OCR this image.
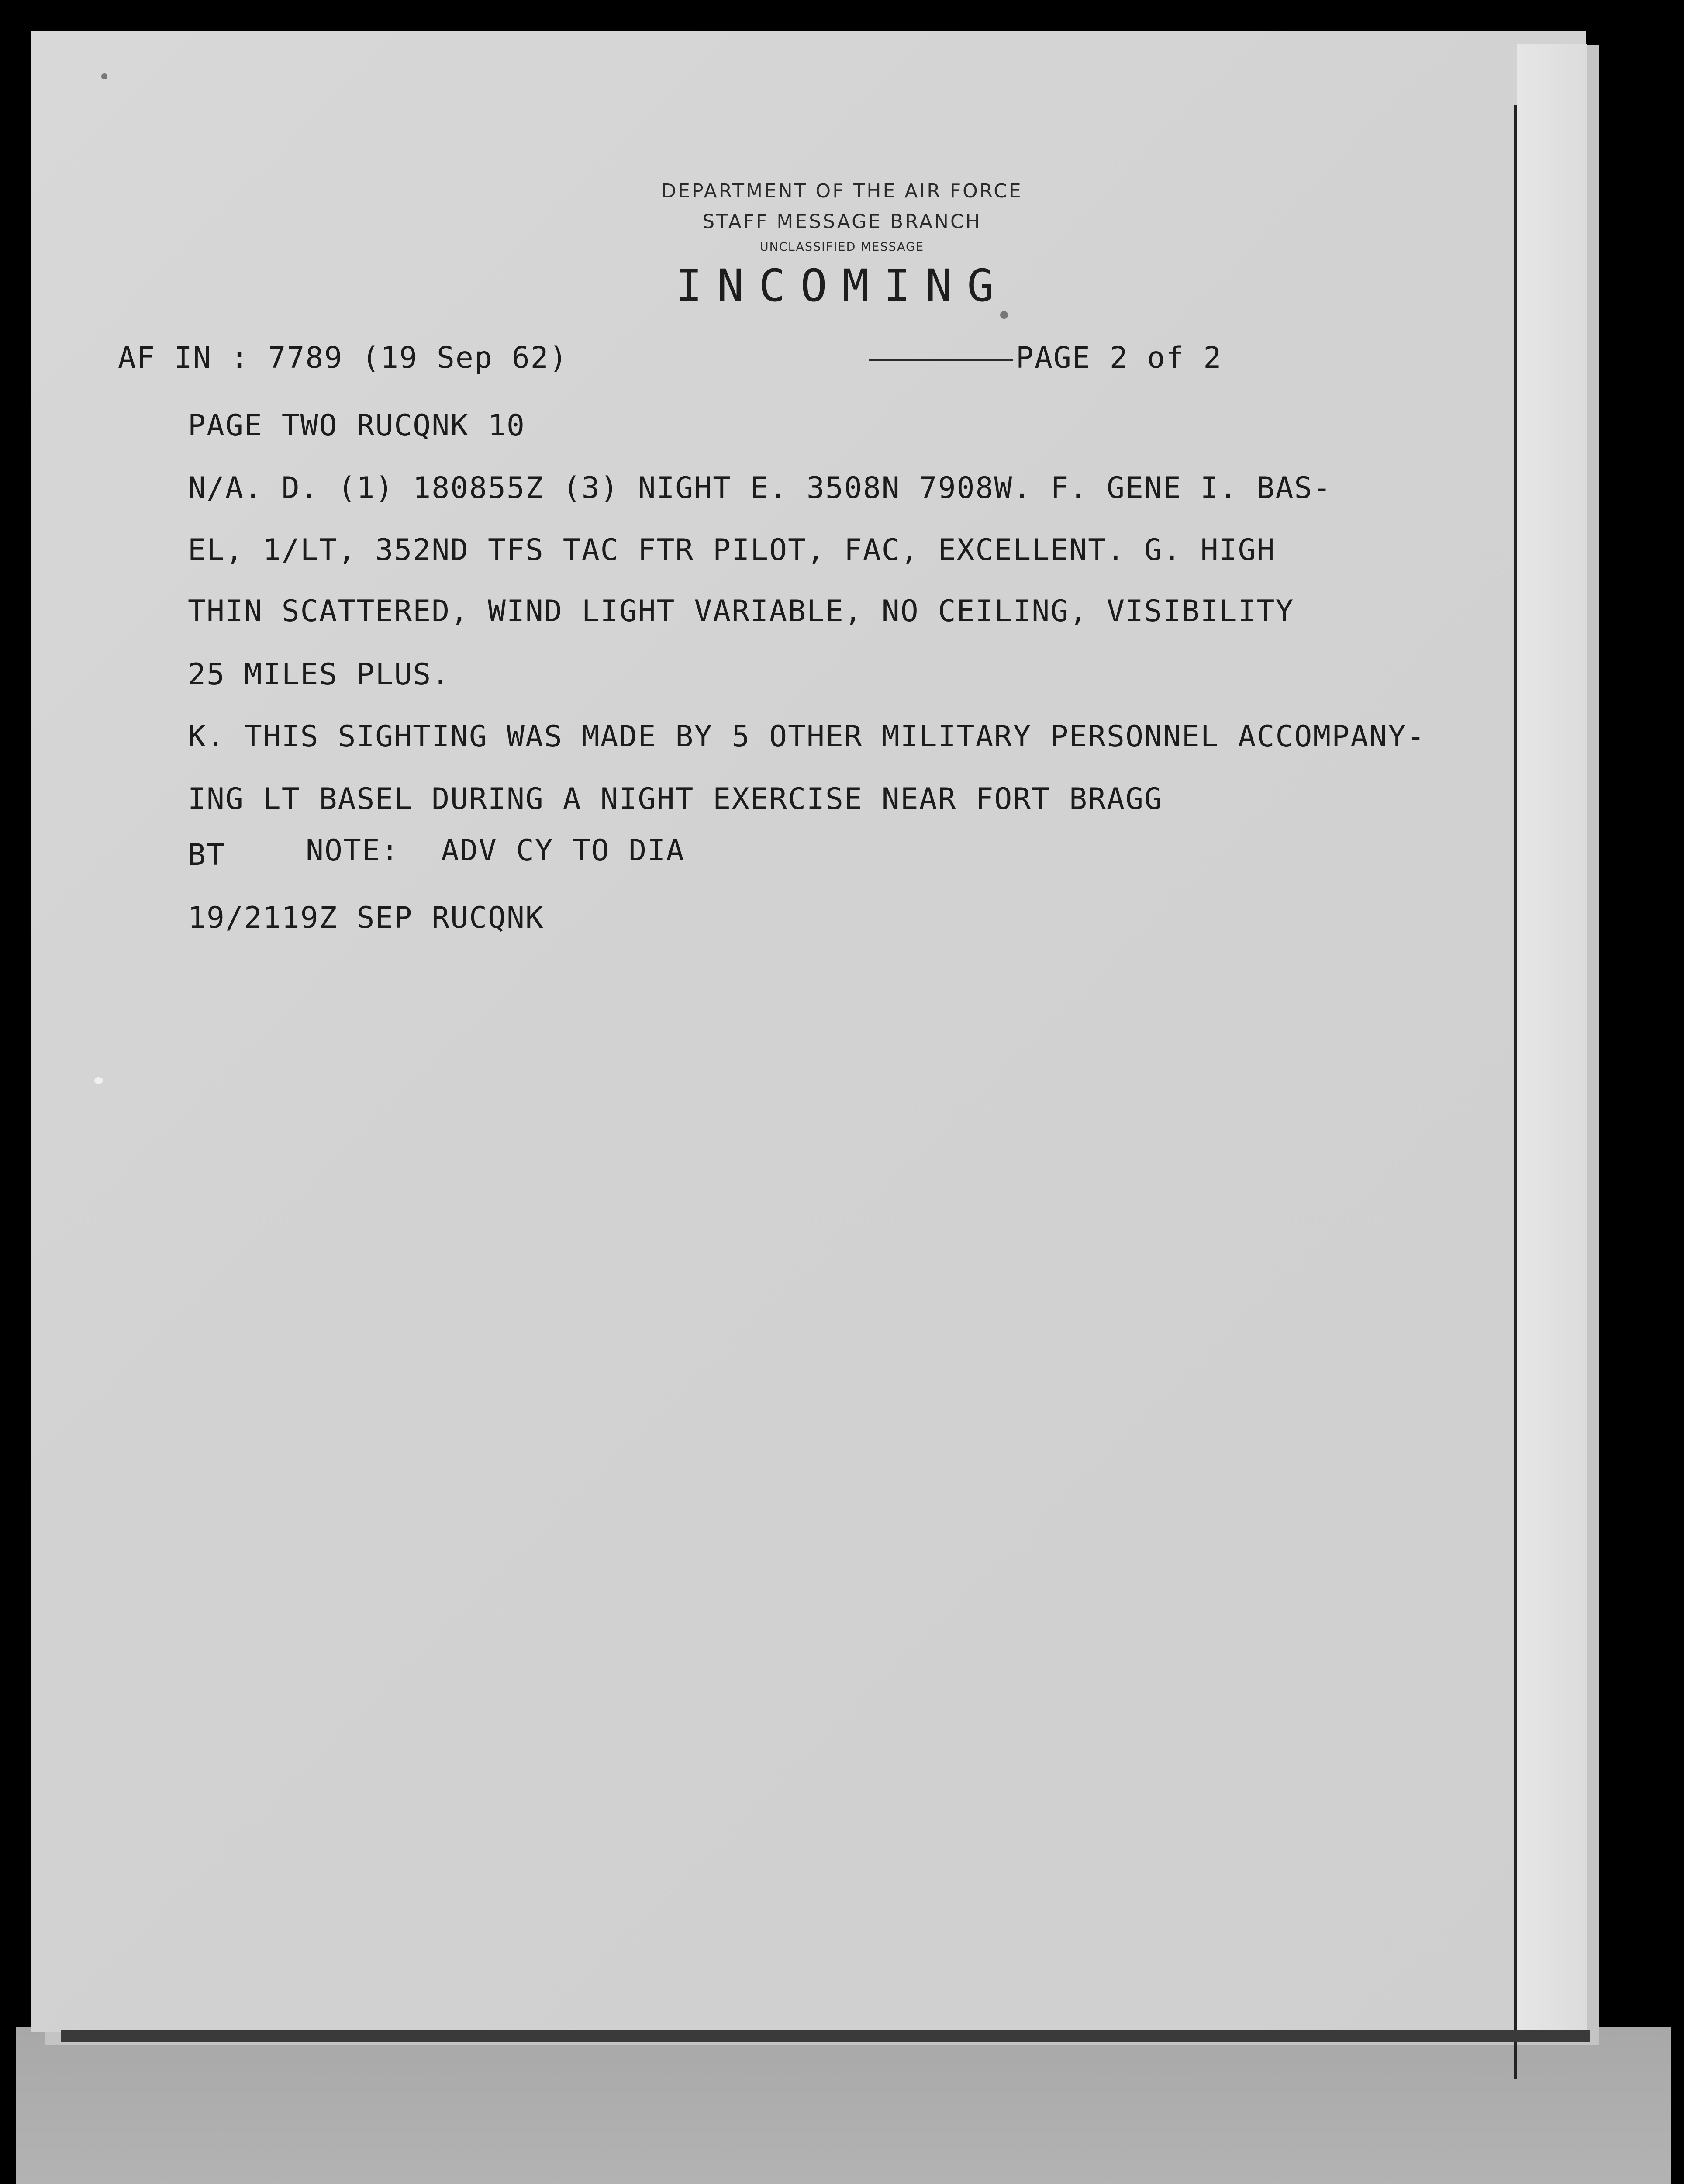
DEPARTMENT OF THE AIR FORCE
STAFF MESSAGE BRANCH
UNCLASSIFIED MESSAGE
INCOMING
AF IN : 7789 (19 Sep 62)	PAGE 2 of 2
PAGE TWO RUCQNK 10
N/A. D. (1) 180855Z (3) NIGHT E. 3508N 7908W. F. GENE I. BAS-
EL, 1/LT, 352ND TFS TAC FTR PILOT, FAC, EXCELLENT. G. HIGH
THIN SCATTERED, WIND LIGHT VARIABLE, NO CEILING, VISIBILITY
25 MILES PLUS.
K. THIS SIGHTING WAS MADE BY 5 OTHER MILITARY PERSONNEL ACCOMPANY-
ING LT BASEL DURING A NIGHT EXERCISE NEAR FORT BRAGG
BT	NOTE: ADV CY TO DIA
19/2119Z SEP RUCQNK
